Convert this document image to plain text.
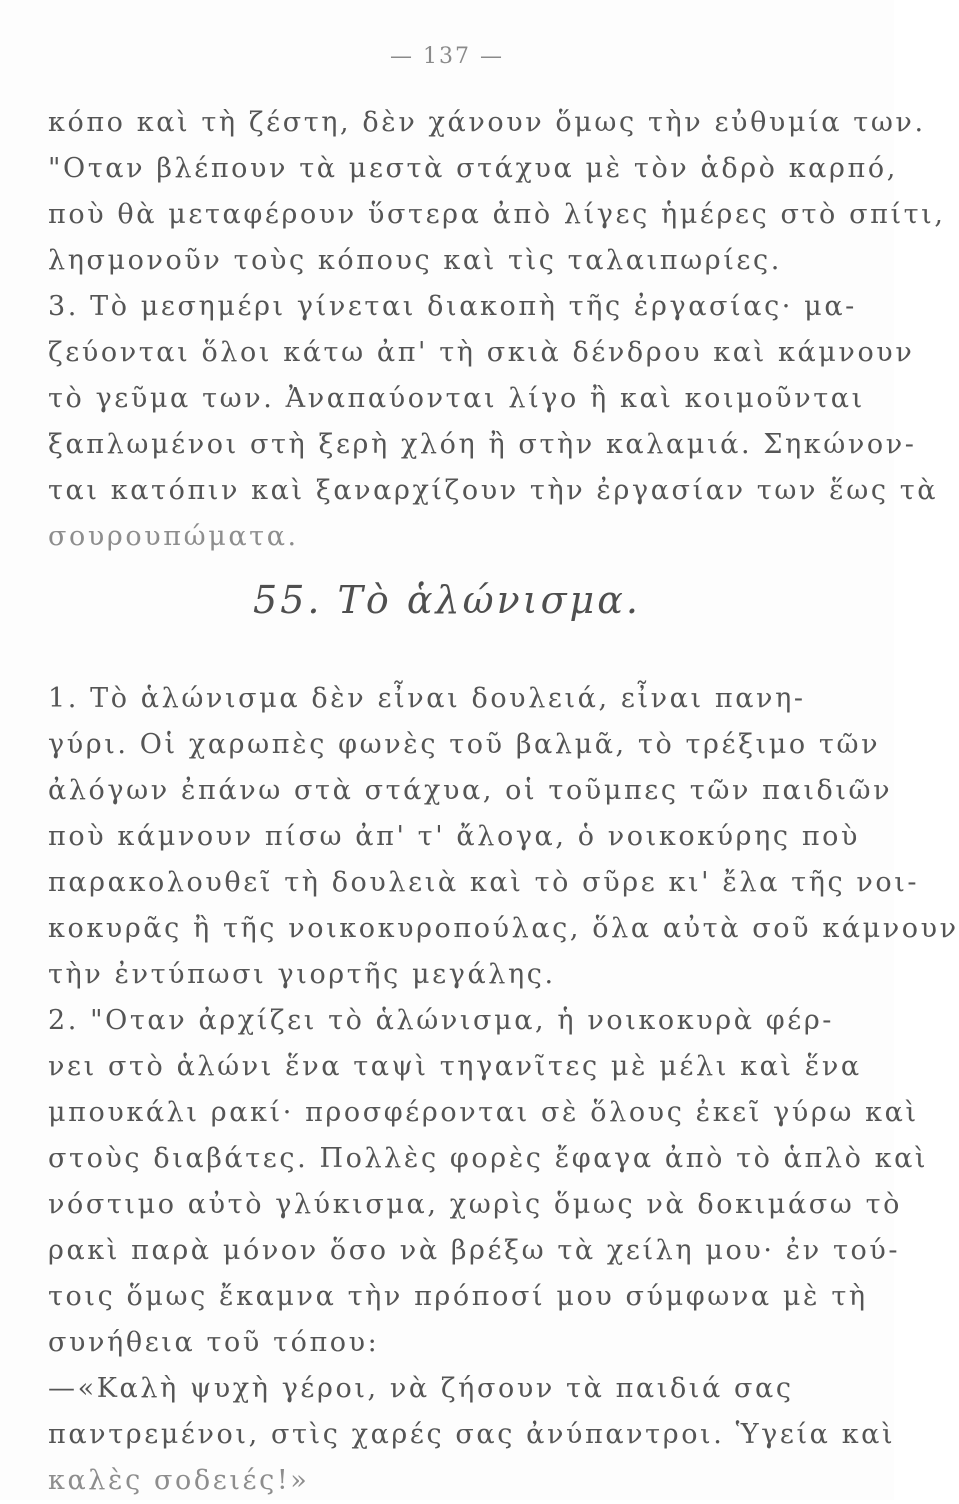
— 137 —
κόπο καὶ τὴ ζέστη, δὲν χάνουν ὅμως τὴν εὐθυμία των.
"Οταν βλέπουν τὰ μεστὰ στάχυα μὲ τὸν ἁδρὸ καρπό,
ποὺ θὰ μεταφέρουν ὕστερα ἀπὸ λίγες ἡμέρες στὸ σπίτι,
λησμονοῦν τοὺς κόπους καὶ τὶς ταλαιπωρίες.
3. Τὸ μεσημέρι γίνεται διακοπὴ τῆς ἐργασίας· μα-
ζεύονται ὅλοι κάτω ἀπ' τὴ σκιὰ δένδρου καὶ κάμνουν
τὸ γεῦμα των. Ἀναπαύονται λίγο ἢ καὶ κοιμοῦνται
ξαπλωμένοι στὴ ξερὴ χλόη ἢ στὴν καλαμιά. Σηκώνον-
ται κατόπιν καὶ ξαναρχίζουν τὴν ἐργασίαν των ἕως τὰ
σουρουπώματα.
55. Τὸ ἁλώνισμα.
1. Τὸ ἁλώνισμα δὲν εἶναι δουλειά, εἶναι πανη-
γύρι. Οἱ χαρωπὲς φωνὲς τοῦ βαλμᾶ, τὸ τρέξιμο τῶν
ἀλόγων ἐπάνω στὰ στάχυα, οἱ τοῦμπες τῶν παιδιῶν
ποὺ κάμνουν πίσω ἀπ' τ' ἄλογα, ὁ νοικοκύρης ποὺ
παρακολουθεῖ τὴ δουλειὰ καὶ τὸ σῦρε κι' ἔλα τῆς νοι-
κοκυρᾶς ἢ τῆς νοικοκυροπούλας, ὅλα αὐτὰ σοῦ κάμνουν
τὴν ἐντύπωσι γιορτῆς μεγάλης.
2. "Οταν ἀρχίζει τὸ ἁλώνισμα, ἡ νοικοκυρὰ φέρ-
νει στὸ ἁλώνι ἕνα ταψὶ τηγανῖτες μὲ μέλι καὶ ἕνα
μπουκάλι ρακί· προσφέρονται σὲ ὅλους ἐκεῖ γύρω καὶ
στοὺς διαβάτες. Πολλὲς φορὲς ἔφαγα ἀπὸ τὸ ἁπλὸ καὶ
νόστιμο αὐτὸ γλύκισμα, χωρὶς ὅμως νὰ δοκιμάσω τὸ
ρακὶ παρὰ μόνον ὅσο νὰ βρέξω τὰ χείλη μου· ἐν τού-
τοις ὅμως ἔκαμνα τὴν πρόποσί μου σύμφωνα μὲ τὴ
συνήθεια τοῦ τόπου:
—«Καλὴ ψυχὴ γέροι, νὰ ζήσουν τὰ παιδιά σας
παντρεμένοι, στὶς χαρές σας ἀνύπαντροι. Ὑγεία καὶ
καλὲς σοδειές!»
